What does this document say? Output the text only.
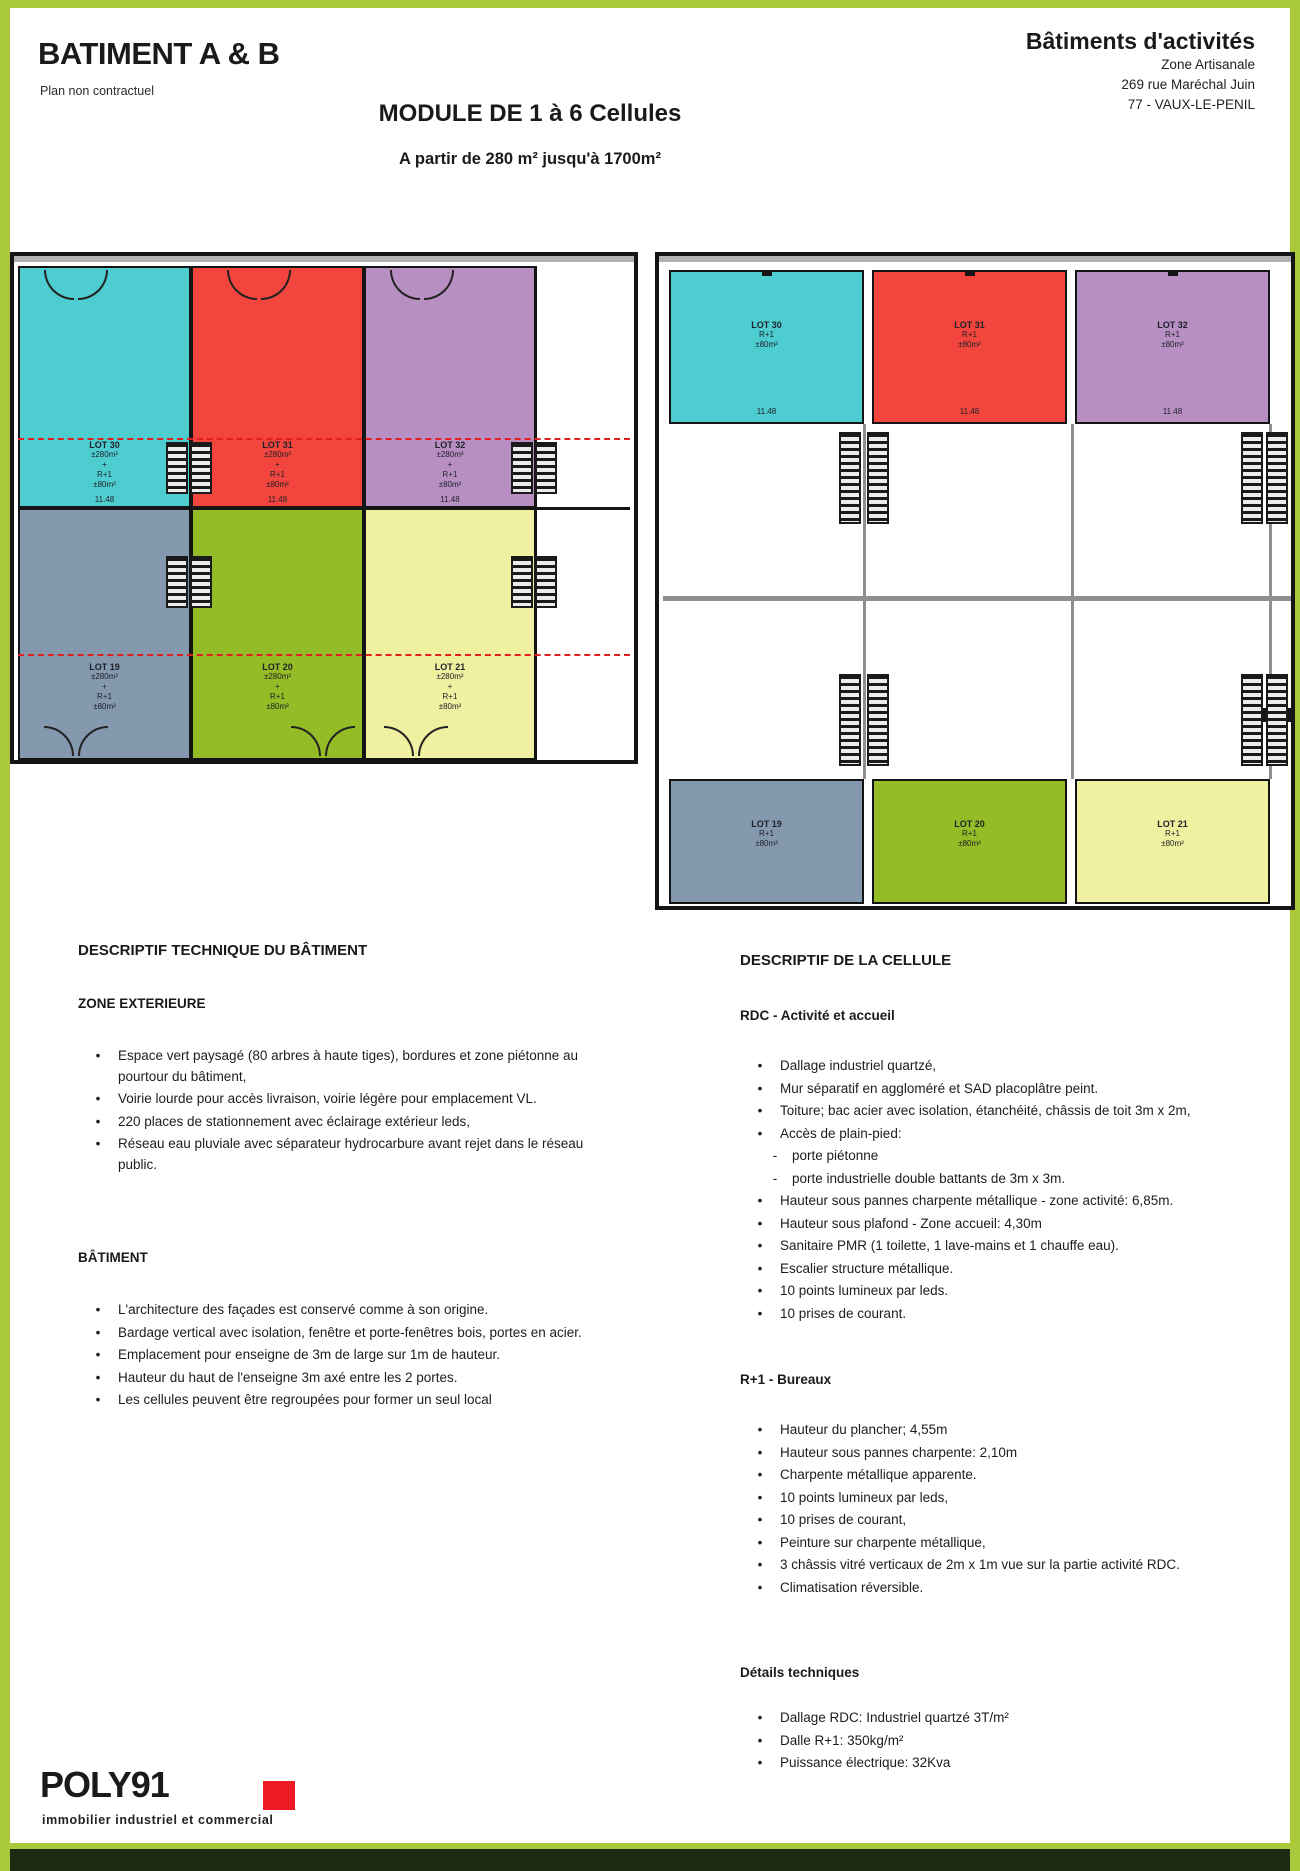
BATIMENT A & B
Plan non contractuel
MODULE DE 1 à 6 Cellules
A partir de 280 m² jusqu'à 1700m²
Bâtiments d'activités
Zone Artisanale
269 rue Maréchal Juin
77 - VAUX-LE-PENIL
LOT 30
±280m²
+
R+1
±80m²
11.48
LOT 31
±280m²
+
R+1
±80m²
11.48
LOT 32
±280m²
+
R+1
±80m²
11.48
LOT 19
±280m²
+
R+1
±80m²
LOT 20
±280m²
+
R+1
±80m²
LOT 21
±280m²
+
R+1
±80m²
LOT 30
R+1
±80m²
11.48
LOT 31
R+1
±80m²
11.48
LOT 32
R+1
±80m²
11.48
LOT 19
R+1
±80m²
LOT 20
R+1
±80m²
LOT 21
R+1
±80m²
DESCRIPTIF TECHNIQUE DU BÂTIMENT
ZONE EXTERIEURE
•	Espace vert paysagé (80 arbres à haute tiges), bordures et zone piétonne au pourtour du bâtiment,
•	Voirie lourde pour accès livraison, voirie légère pour emplacement VL.
•	220 places de stationnement avec éclairage extérieur leds,
•	Réseau eau pluviale avec séparateur hydrocarbure avant rejet dans le réseau public.
BÂTIMENT
•	L'architecture des façades est conservé comme à son origine.
•	Bardage vertical avec isolation, fenêtre et porte-fenêtres bois, portes en acier.
•	Emplacement pour enseigne de 3m de large sur 1m de hauteur.
•	Hauteur du haut de l'enseigne 3m axé entre les 2 portes.
•	Les cellules peuvent être regroupées pour former un seul local
DESCRIPTIF DE LA CELLULE
RDC - Activité et accueil
•	Dallage industriel quartzé,
•	Mur séparatif en aggloméré et SAD placoplâtre peint.
•	Toiture; bac acier avec isolation, étanchéité, châssis de toit 3m x 2m,
•	Accès de plain-pied:
-	porte piétonne
-	porte industrielle double battants de 3m x 3m.
•	Hauteur sous pannes charpente métallique - zone activité: 6,85m.
•	Hauteur sous plafond - Zone accueil: 4,30m
•	Sanitaire PMR (1 toilette, 1 lave-mains et 1 chauffe eau).
•	Escalier structure métallique.
•	10 points lumineux par leds.
•	10 prises de courant.
R+1 - Bureaux
•	Hauteur du plancher; 4,55m
•	Hauteur sous pannes charpente: 2,10m
•	Charpente métallique apparente.
•	10 points lumineux par leds,
•	10 prises de courant,
•	Peinture sur charpente métallique,
•	3 châssis vitré verticaux de 2m x 1m vue sur la partie activité RDC.
•	Climatisation réversible.
Détails techniques
•	Dallage RDC: Industriel quartzé 3T/m²
•	Dalle R+1: 350kg/m²
•	Puissance électrique: 32Kva
POLY91
immobilier industriel et commercial
